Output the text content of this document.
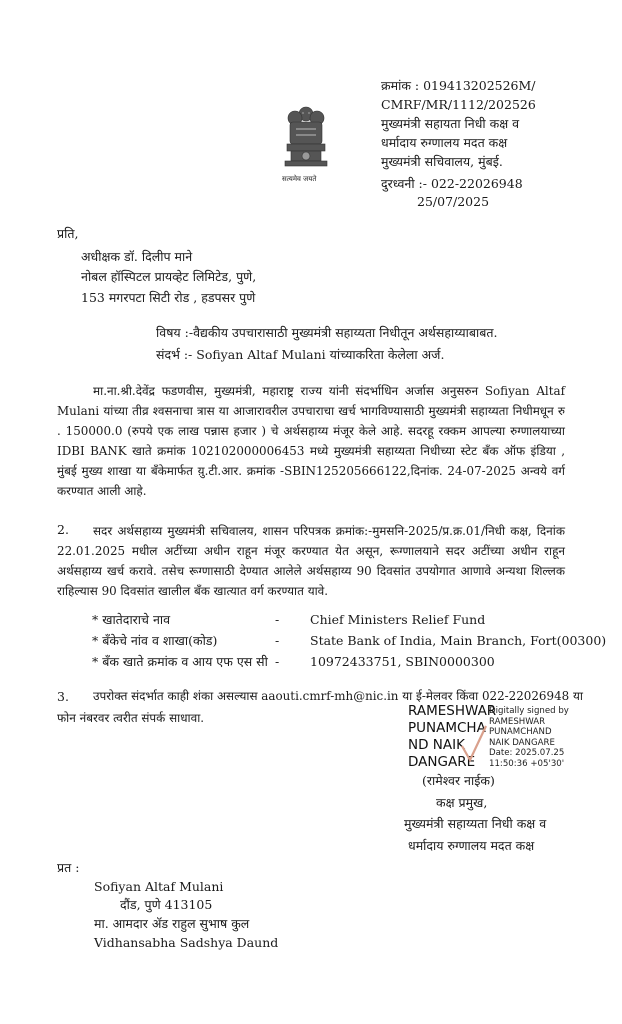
क्रमांक : 019413202526M/
CMRF/MR/1112/202526
मुख्यमंत्री सहायता निधी कक्ष व
धर्मादाय रुग्णालय मदत कक्ष
मुख्यमंत्री सचिवालय, मुंबई.
दुरध्वनी :- 022-22026948
25/07/2025
सत्यमेव जयते
प्रति,
अधीक्षक डॉ. दिलीप माने
नोबल हॉस्पिटल प्रायव्हेट लिमिटेड, पुणे,
153 मगरपटा सिटी रोड , हडपसर पुणे
विषय :-वैद्यकीय उपचारासाठी मुख्यमंत्री सहाय्यता निधीतून अर्थसहाय्याबाबत.
संदर्भ :- Sofiyan Altaf Mulani यांच्याकरिता केलेला अर्ज.
मा.ना.श्री.देवेंद्र फडणवीस, मुख्यमंत्री, महाराष्ट्र राज्य यांनी संदर्भाधिन अर्जास अनुसरुन Sofiyan Altaf Mulani यांच्या तीव्र श्वसनाचा त्रास या आजारावरील उपचाराचा खर्च भागविण्यासाठी मुख्यमंत्री सहाय्यता निधीमधून रु . 150000.0 (रुपये एक लाख पन्नास हजार ) चे अर्थसहाय्य मंजूर केले आहे. सदरहू रक्कम आपल्या रुग्णालयाच्या IDBI BANK खाते क्रमांक 102102000006453 मध्ये मुख्यमंत्री सहाय्यता निधीच्या स्टेट बँक ऑफ इंडिया , मुंबई मुख्य शाखा या बँकेमार्फत य़ु.टी.आर. क्रमांक -SBIN125205666122,दिनांक. 24-07-2025 अन्वये वर्ग करण्यात आली आहे.
2.	सदर अर्थसहाय्य मुख्यमंत्री सचिवालय, शासन परिपत्रक क्रमांक:-मुमसनि-2025/प्र.क्र.01/निधी कक्ष, दिनांक 22.01.2025 मधील अटींच्या अधीन राहून मंजूर करण्यात येत असून, रूग्णालयाने सदर अटींच्या अधीन राहून अर्थसहाय्य खर्च करावे. तसेच रूग्णासाठी देण्यात आलेले अर्थसहाय्य 90 दिवसांत उपयोगात आणावे अन्यथा शिल्लक राहिल्यास 90 दिवसांत खालील बँक खात्यात वर्ग करण्यात यावे.
* खातेदाराचे नाव	- Chief Ministers Relief Fund
* बँकेचे नांव व शाखा(कोड)	- State Bank of India, Main Branch, Fort(00300)
* बँक खाते क्रमांक व आय एफ एस सी - 10972433751, SBIN0000300
3. उपरोक्त संदर्भात काही शंका असल्यास aaouti.cmrf-mh@nic.in या ई-मेलवर किंवा 022-22026948 या
फोन नंबरवर त्वरीत संपर्क साधावा.	RAMESHWAR
PUNAMCHA
ND NAIK
DANGARE
Digitally signed by
RAMESHWAR
PUNAMCHAND
NAIK DANGARE
Date: 2025.07.25
11:50:36 +05'30'
(रामेश्वर नाईक)
कक्ष प्रमुख,
मुख्यमंत्री सहाय्यता निधी कक्ष व
धर्मादाय रुग्णालय मदत कक्ष
प्रत :
Sofiyan Altaf Mulani
दौंड, पुणे 413105
मा. आमदार ॲड राहुल सुभाष कुल
Vidhansabha Sadshya Daund
